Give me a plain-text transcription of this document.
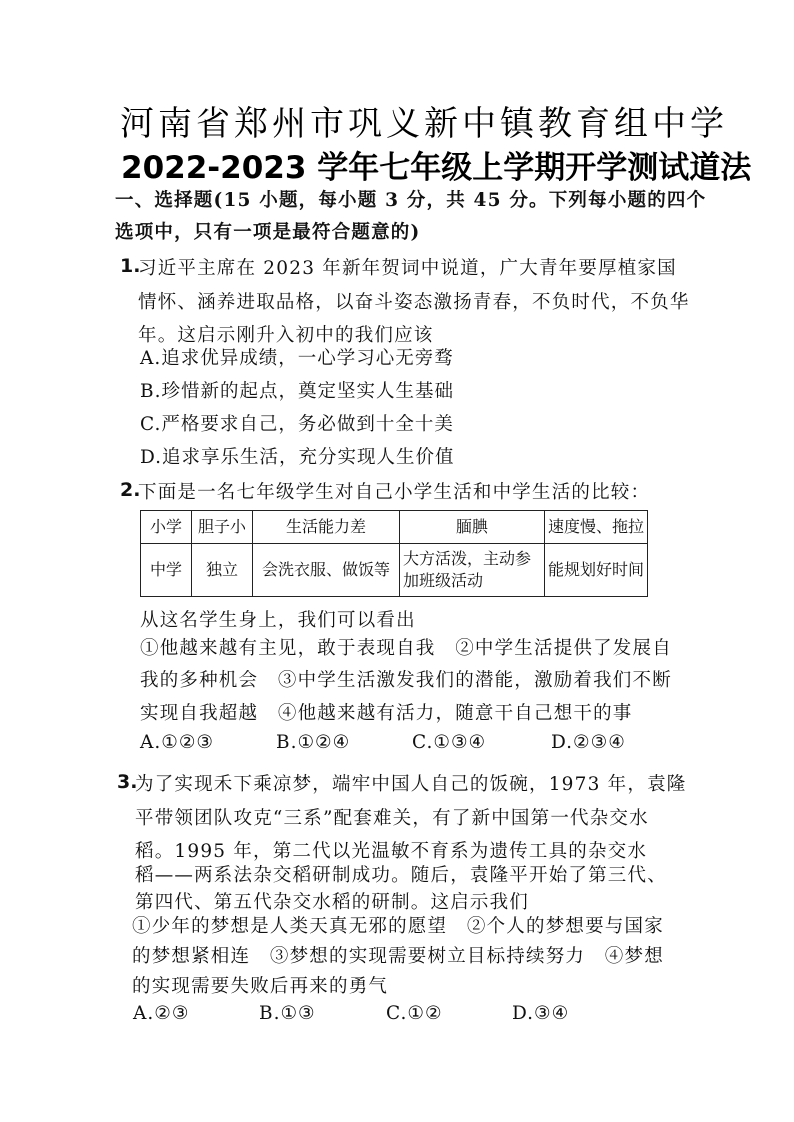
河南省郑州市巩义新中镇教育组中学
2022-2023 学年七年级上学期开学测试道法
一、选择题(15 小题，每小题 3 分，共 45 分。下列每小题的四个
选项中，只有一项是最符合题意的)
1.
习近平主席在 2023 年新年贺词中说道，广大青年要厚植家国
情怀、涵养进取品格，以奋斗姿态激扬青春，不负时代，不负华
年。这启示刚升入初中的我们应该
A.追求优异成绩，一心学习心无旁骛
B.珍惜新的起点，奠定坚实人生基础
C.严格要求自己，务必做到十全十美
D.追求享乐生活，充分实现人生价值
2.
下面是一名七年级学生对自己小学生活和中学生活的比较：
小学	胆子小	生活能力差	腼腆	速度慢、拖拉
中学	独立	会洗衣服、做饭等	大方活泼，主动参加班级活动	能规划好时间
从这名学生身上，我们可以看出
①他越来越有主见，敢于表现自我　②中学生活提供了发展自
我的多种机会　③中学生活激发我们的潜能，激励着我们不断
实现自我超越　④他越来越有活力，随意干自己想干的事
A.①②③	B.①②④	C.①③④	D.②③④
3.
为了实现禾下乘凉梦，端牢中国人自己的饭碗，1973 年，袁隆
平带领团队攻克“三系”配套难关，有了新中国第一代杂交水
稻。1995 年，第二代以光温敏不育系为遗传工具的杂交水
稻——两系法杂交稻研制成功。随后，袁隆平开始了第三代、
第四代、第五代杂交水稻的研制。这启示我们
①少年的梦想是人类天真无邪的愿望　②个人的梦想要与国家
的梦想紧相连　③梦想的实现需要树立目标持续努力　④梦想
的实现需要失败后再来的勇气
A.②③	B.①③	C.①②	D.③④
